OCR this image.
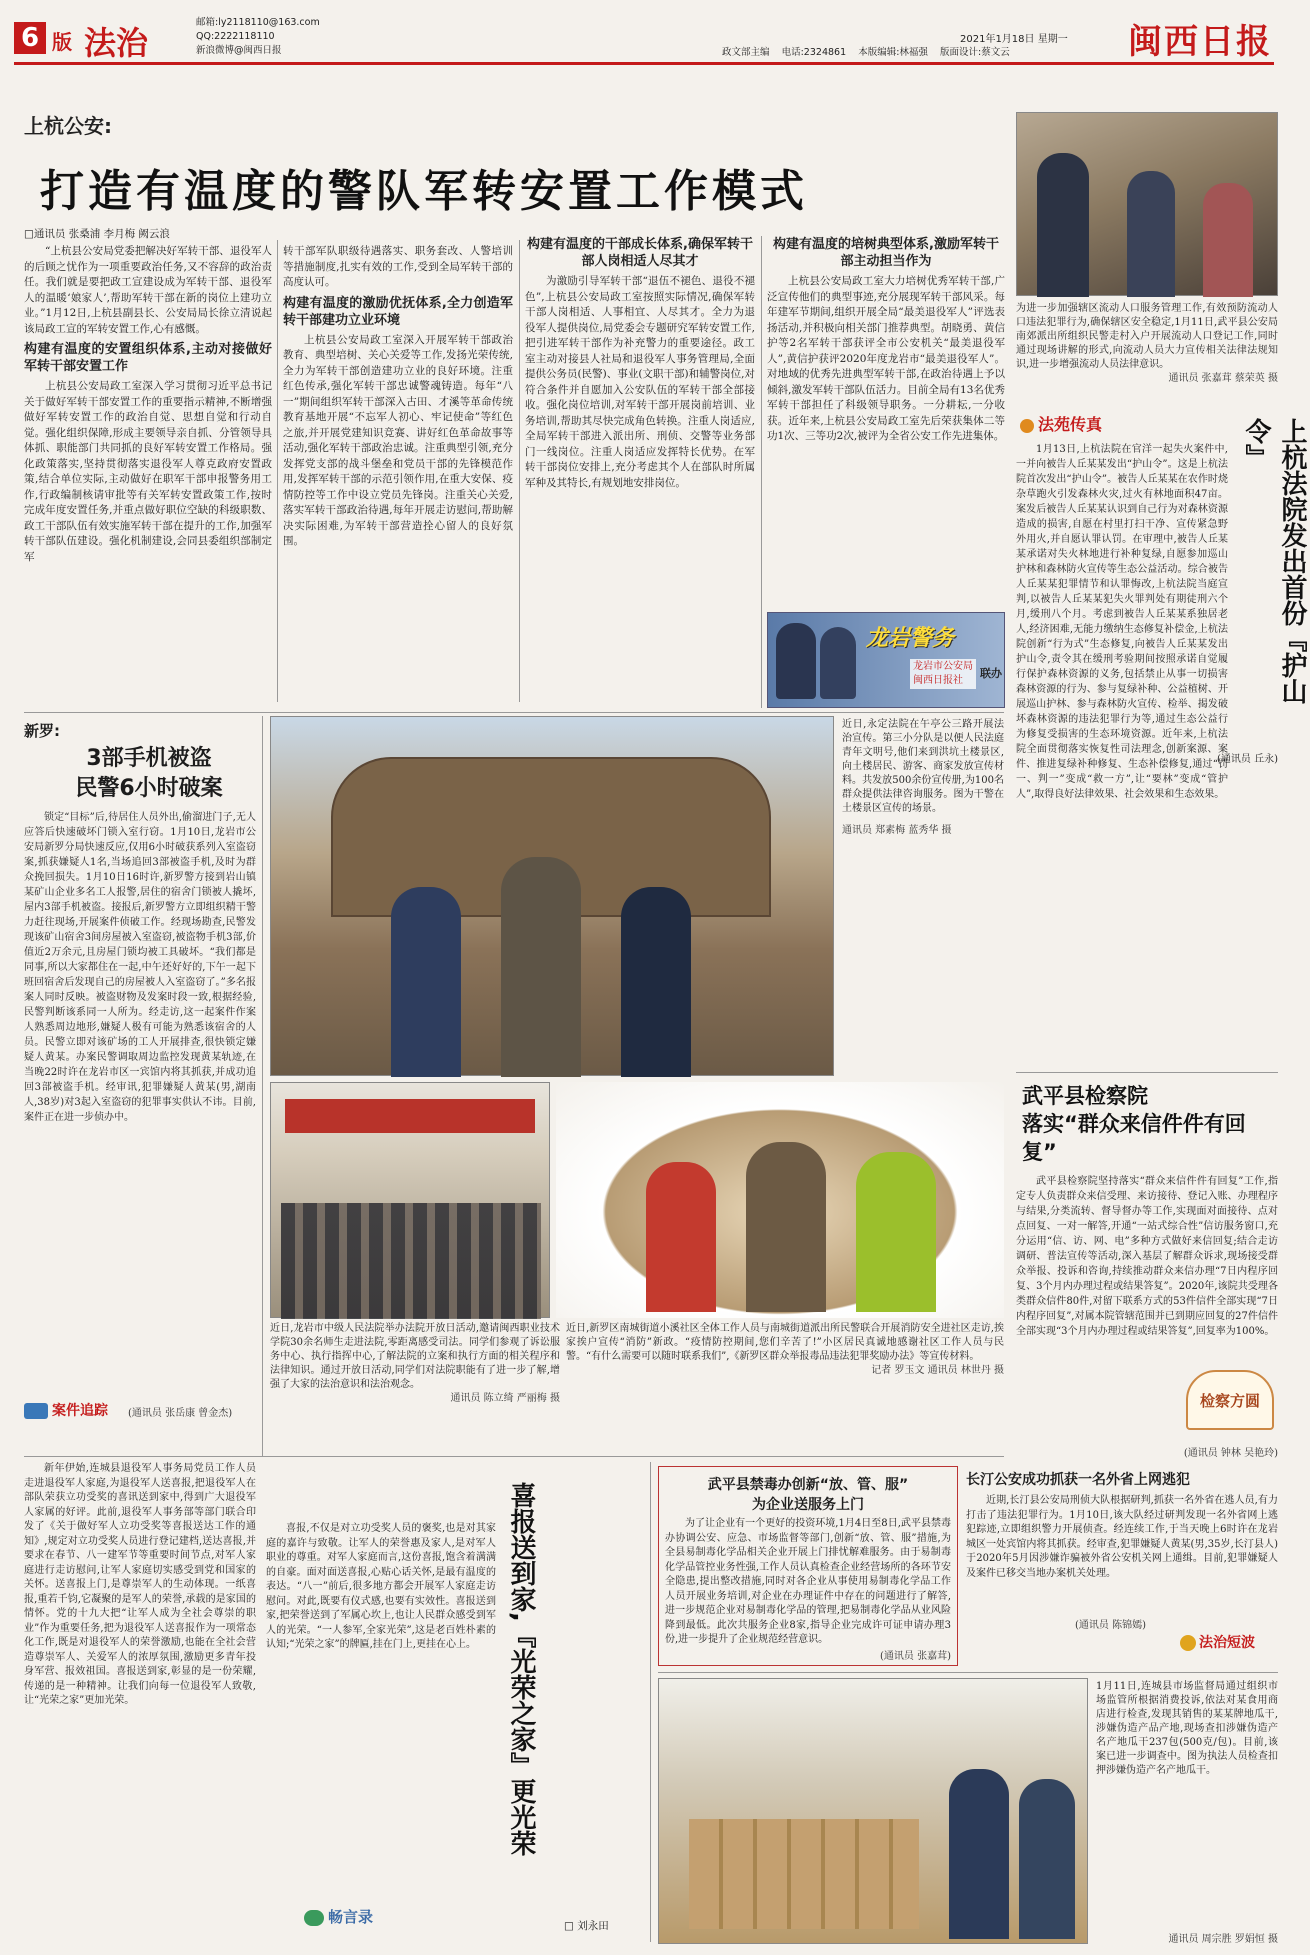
6 版 法治
邮箱:ly2118110@163.com
QQ:2222118110
新浪微博@闽西日报	政文部主编 电话:2324861 本版编辑:林福强 版面设计:蔡文云
2021年1月18日 星期一 闽西日报
上杭公安:
打造有温度的警队军转安置工作模式
□通讯员 张桑浦 李月梅 阙云浪

“上杭县公安局党委把解决好军转干部、退役军人的后顾之忧作为一项重要政治任务,又不容辞的政治责任。我们就是要把政工宣建设成为军转干部、退役军人的温暖‘娘家人’,帮助军转干部在新的岗位上建功立业。”1月12日,上杭县副县长、公安局局长徐立清说起该局政工宣的军转安置工作,心有感慨。

构建有温度的安置组织体系,主动对接做好军转干部安置工作

上杭县公安局政工室深入学习贯彻习近平总书记关于做好军转干部安置工作的重要指示精神,不断增强做好军转安置工作的政治自觉、思想自觉和行动自觉。强化组织保障,形成主要领导亲自抓、分管领导具体抓、职能部门共同抓的良好军转安置工作格局。强化政策落实,坚持贯彻落实退役军人尊克政府安置政策,结合单位实际,主动做好在职军干部申报警务用工作,行政编制核请审批等有关军转安置政策工作,按时完成年度安置任务,并重点做好职位空缺的科级职数、政工干部队伍有效实施军转干部在提升的工作,加强军转干部队伍建设。强化机制建设,会同县委组织部制定军

转干部军队职级待遇落实、职务套改、人警培训等措施制度,扎实有效的工作,受到全局军转干部的高度认可。

构建有温度的激励优抚体系,全力创造军转干部建功立业环境

上杭县公安局政工室深入开展军转干部政治教育、典型培树、关心关爱等工作,发扬光荣传统,全力为军转干部创造建功立业的良好环境。注重红色传承,强化军转干部忠诚警魂铸造。每年“八一”期间组织军转干部深入古田、才溪等革命传统教育基地开展“不忘军人初心、牢记使命”等红色之旅,并开展党建知识竞赛、讲好红色革命故事等活动,强化军转干部政治忠诚。注重典型引领,充分发挥党支部的战斗堡垒和党员干部的先锋模范作用,发挥军转干部的示范引领作用,在重大安保、疫情防控等工作中设立党员先锋岗。注重关心关爱,落实军转干部政治待遇,每年开展走访慰问,帮助解决实际困难,为军转干部营造拴心留人的良好氛围。

构建有温度的干部成长体系,确保军转干部人岗相适人尽其才

为激励引导军转干部“退伍不褪色、退役不褪色”,上杭县公安局政工室按照实际情况,确保军转干部人岗相适、人事相宜、人尽其才。全力为退役军人提供岗位,局党委会专题研究军转安置工作,把引进军转干部作为补充警力的重要途径。政工室主动对接县人社局和退役军人事务管理局,全面提供公务员(民警)、事业(文职干部)和辅警岗位,对符合条件并自愿加入公安队伍的军转干部全部接收。强化岗位培训,对军转干部开展岗前培训、业务培训,帮助其尽快完成角色转换。注重人岗适应,全局军转干部进入派出所、刑侦、交警等业务部门一线岗位。注重人岗适应发挥特长优势。在军转干部岗位安排上,充分考虑其个人在部队时所属军种及其特长,有规划地安排岗位。

构建有温度的培树典型体系,激励军转干部主动担当作为

上杭县公安局政工室大力培树优秀军转干部,广泛宣传他们的典型事迹,充分展现军转干部风采。每年建军节期间,组织开展全局“最美退役军人”评选表扬活动,并积极向相关部门推荐典型。胡晓勇、黄信护等2名军转干部获评全市公安机关“最美退役军人”,黄信护获评2020年度龙岩市“最美退役军人”。对地域的优秀先进典型军转干部,在政治待遇上予以倾斜,激发军转干部队伍活力。目前全局有13名优秀军转干部担任了科级领导职务。一分耕耘,一分收获。近年来,上杭县公安局政工室先后荣获集体二等功1次、三等功2次,被评为全省公安工作先进集体。

龙岩警务
龙岩市公安局
闽西日报社
联办
为进一步加强辖区流动人口服务管理工作,有效预防流动人口违法犯罪行为,确保辖区安全稳定,1月11日,武平县公安局南郊派出所组织民警走村入户开展流动人口登记工作,同时通过现场讲解的形式,向流动人员大力宣传相关法律法规知识,进一步增强流动人员法律意识。
通讯员 张嘉茸 蔡荣英 摄
法苑传真	上杭法院发出首份『护山令』

1月13日,上杭法院在官洋一起失火案件中,一并向被告人丘某某发出“护山令”。这是上杭法院首次发出“护山令”。被告人丘某某在农作时烧杂草跑火引发森林火灾,过火有林地面积47亩。案发后被告人丘某某认识到自己行为对森林资源造成的损害,自愿在村里打扫干净、宣传紧急野外用火,并自愿认罪认罚。在审理中,被告人丘某某承诺对失火林地进行补种复绿,自愿参加巡山护林和森林防火宣传等生态公益活动。综合被告人丘某某犯罪情节和认罪悔改,上杭法院当庭宣判,以被告人丘某某犯失火罪判处有期徒刑六个月,缓刑八个月。考虑到被告人丘某某系独居老人,经济困难,无能力缴纳生态修复补偿金,上杭法院创新“行为式”生态修复,向被告人丘某某发出护山令,责令其在缓刑考验期间按照承诺自觉履行保护森林资源的义务,包括禁止从事一切损害森林资源的行为、参与复绿补种、公益植树、开展巡山护林、参与森林防火宣传、检举、揭发破坏森林资源的违法犯罪行为等,通过生态公益行为修复受损害的生态环境资源。近年来,上杭法院全面贯彻落实恢复性司法理念,创新案源、案件、推进复绿补种修复、生态补偿修复,通过“罚一、判一”变成“救一方”,让“要林”变成“管护人”,取得良好法律效果、社会效果和生态效果。

(通讯员 丘永)

武平县检察院
落实“群众来信件件有回复”

武平县检察院坚持落实“群众来信件件有回复”工作,指定专人负责群众来信受理、来访接待、登记入账、办理程序与结果,分类流转、督导督办等工作,实现面对面接待、点对点回复、一对一解答,开通“一站式综合性”信访服务窗口,充分运用“信、访、网、电”多种方式做好来信回复;结合走访调研、普法宣传等活动,深入基层了解群众诉求,现场接受群众举报、投诉和咨询,持续推动群众来信办理“7日内程序回复、3个月内办理过程或结果答复”。2020年,该院共受理各类群众信件80件,对留下联系方式的53件信件全部实现“7日内程序回复”,对属本院管辖范围并已到期应回复的27件信件全部实现“3个月内办理过程或结果答复”,回复率为100%。

检察方圆
(通讯员 钟林 吴艳玲)
新罗:
3部手机被盗
民警6小时破案

锁定“目标”后,待居住人员外出,偷溜进门子,无人应答后快速破坏门锁入室行窃。1月10日,龙岩市公安局新罗分局快速反应,仅用6小时破获系列入室盗窃案,抓获嫌疑人1名,当场追回3部被盗手机,及时为群众挽回损失。1月10日16时许,新罗警方接到岩山镇某矿山企业多名工人报警,居住的宿舍门锁被人撬坏,屋内3部手机被盗。接报后,新罗警方立即组织精干警力赶往现场,开展案件侦破工作。经现场勘查,民警发现该矿山宿舍3间房屋被入室盗窃,被盗物手机3部,价值近2万余元,且房屋门锁均被工具破坏。“我们都是同事,所以大家都住在一起,中午还好好的,下午一起下班回宿舍后发现自己的房屋被人入室盗窃了。”多名报案人同时反映。被盗财物及发案时段一致,根据经验,民警判断该系同一人所为。经走访,这一起案件作案人熟悉周边地形,嫌疑人极有可能为熟悉该宿舍的人员。民警立即对该矿场的工人开展排查,很快锁定嫌疑人黄某。办案民警调取周边监控发现黄某轨迹,在当晚22时许在龙岩市区一宾馆内将其抓获,并成功追回3部被盗手机。经审讯,犯罪嫌疑人黄某(男,湖南人,38岁)对3起入室盗窃的犯罪事实供认不讳。目前,案件正在进一步侦办中。

案件追踪 (通讯员 张岳康 曾金杰)
近日,永定法院在午亭公三路开展法治宣传。第三小分队是以便人民法庭青年文明号,他们来到洪坑土楼景区,向土楼居民、游客、商家发放宣传材料。共发放500余份宣传册,为100名群众提供法律咨询服务。图为干警在土楼景区宣传的场景。
通讯员 郑素梅 蓝秀华 摄
近日,龙岩市中级人民法院举办法院开放日活动,邀请闽西职业技术学院30余名师生走进法院,零距离感受司法。同学们参观了诉讼服务中心、执行指挥中心,了解法院的立案和执行方面的相关程序和法律知识。通过开放日活动,同学们对法院职能有了进一步了解,增强了大家的法治意识和法治观念。
通讯员 陈立绮 严丽梅 摄
近日,新罗区南城街道小溪社区全体工作人员与南城街道派出所民警联合开展消防安全进社区走访,挨家挨户宣传“消防”新政。“疫情防控期间,您们辛苦了!”小区居民真诚地感谢社区工作人员与民警。“有什么需要可以随时联系我们”,《新罗区群众举报毒品违法犯罪奖励办法》等宣传材料。
记者 罗玉文 通讯员 林世丹 摄

新年伊始,连城县退役军人事务局党员工作人员走进退役军人家庭,为退役军人送喜报,把退役军人在部队荣获立功受奖的喜讯送到家中,得到广大退役军人家属的好评。此前,退役军人事务部等部门联合印发了《关于做好军人立功受奖等喜报送达工作的通知》,规定对立功受奖人员进行登记建档,送达喜报,并要求在春节、八一建军节等重要时间节点,对军人家庭进行走访慰问,让军人家庭切实感受到党和国家的关怀。送喜报上门,是尊崇军人的生动体现。一纸喜报,重若千钧,它凝聚的是军人的荣誉,承载的是家国的情怀。党的十九大把“让军人成为全社会尊崇的职业”作为重要任务,把为退役军人送喜报作为一项常态化工作,既是对退役军人的荣誉激励,也能在全社会营造尊崇军人、关爱军人的浓厚氛围,激励更多青年投身军营、报效祖国。喜报送到家,彰显的是一份荣耀,传递的是一种精神。让我们向每一位退役军人致敬,让“光荣之家”更加光荣。

喜报,不仅是对立功受奖人员的褒奖,也是对其家庭的嘉许与致敬。让军人的荣誉惠及家人,是对军人职业的尊重。对军人家庭而言,这份喜报,饱含着满满的自豪。面对面送喜报,心贴心话关怀,是最有温度的表达。“八一”前后,很多地方都会开展军人家庭走访慰问。对此,既要有仪式感,也要有实效性。喜报送到家,把荣誉送到了军属心坎上,也让人民群众感受到军人的光荣。“一人参军,全家光荣”,这是老百姓朴素的认知;“光荣之家”的牌匾,挂在门上,更挂在心上。	喜报送到家,『光荣之家』更光荣
畅言录	□ 刘永田
武平县禁毒办创新“放、管、服”
为企业送服务上门

为了让企业有一个更好的投资环境,1月4日至8日,武平县禁毒办协调公安、应急、市场监督等部门,创新“放、管、服”措施,为全县易制毒化学品相关企业开展上门排忧解难服务。由于易制毒化学品管控业务性强,工作人员认真检查企业经营场所的各环节安全隐患,提出整改措施,同时对各企业从事使用易制毒化学品工作人员开展业务培训,对企业在办理证件中存在的问题进行了解答,进一步规范企业对易制毒化学品的管理,把易制毒化学品从业风险降到最低。此次共服务企业8家,指导企业完成许可证申请办理3份,进一步提升了企业规范经营意识。

(通讯员 张嘉茸)
长汀公安成功抓获一名外省上网逃犯

近期,长汀县公安局刑侦大队根据研判,抓获一名外省在逃人员,有力打击了违法犯罪行为。1月10日,该大队经过研判发现一名外省网上逃犯踪迹,立即组织警力开展侦查。经连续工作,于当天晚上6时许在龙岩城区一处宾馆内将其抓获。经审查,犯罪嫌疑人黄某(男,35岁,长汀县人)于2020年5月因涉嫌诈骗被外省公安机关网上通缉。目前,犯罪嫌疑人及案件已移交当地办案机关处理。

(通讯员 陈锦嫣)
法治短波
1月11日,连城县市场监督局通过组织市场监管所根据消费投诉,依法对某食用商店进行检查,发现其销售的某某牌地瓜干,涉嫌伪造产品产地,现场查扣涉嫌伪造产名产地瓜干237包(500克/包)。目前,该案已进一步调查中。图为执法人员检查扣押涉嫌伪造产名产地瓜干。
通讯员 周宗胜 罗娟恒 摄
